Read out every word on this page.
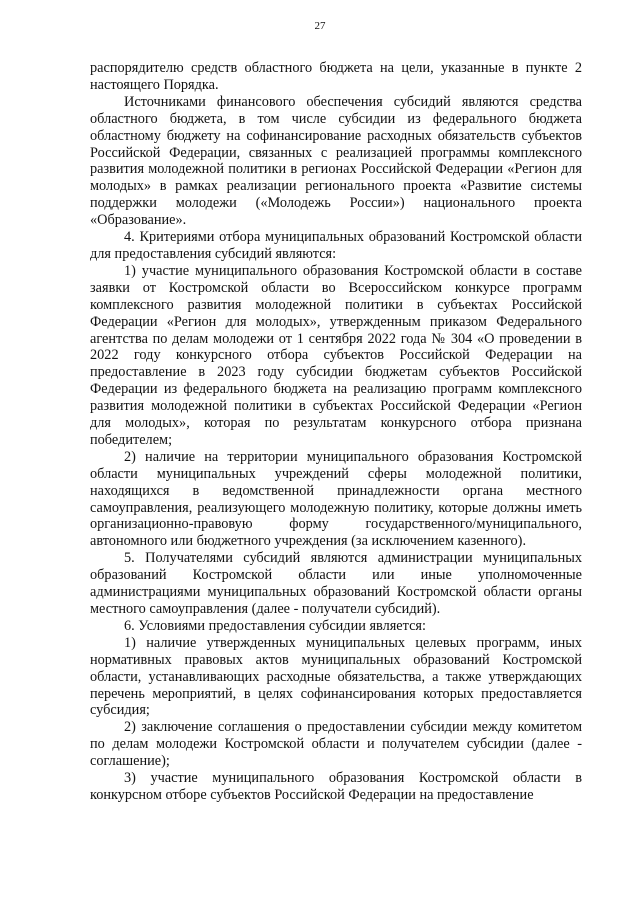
27

распорядителю средств областного бюджета на цели, указанные в пункте 2 настоящего Порядка.

Источниками финансового обеспечения субсидий являются средства областного бюджета, в том числе субсидии из федерального бюджета областному бюджету на софинансирование расходных обязательств субъектов Российской Федерации, связанных с реализацией программы комплексного развития молодежной политики в регионах Российской Федерации «Регион для молодых» в рамках реализации регионального проекта «Развитие системы поддержки молодежи («Молодежь России») национального проекта «Образование».

4. Критериями отбора муниципальных образований Костромской области для предоставления субсидий являются:

1) участие муниципального образования Костромской области в составе заявки от Костромской области во Всероссийском конкурсе программ комплексного развития молодежной политики в субъектах Российской Федерации «Регион для молодых», утвержденным приказом Федерального агентства по делам молодежи от 1 сентября 2022 года № 304 «О проведении в 2022 году конкурсного отбора субъектов Российской Федерации на предоставление в 2023 году субсидии бюджетам субъектов Российской Федерации из федерального бюджета на реализацию программ комплексного развития молодежной политики в субъектах Российской Федерации «Регион для молодых», которая по результатам конкурсного отбора признана победителем;

2) наличие на территории муниципального образования Костромской области муниципальных учреждений сферы молодежной политики, находящихся в ведомственной принадлежности органа местного самоуправления, реализующего молодежную политику, которые должны иметь организационно-правовую форму государственного/муниципального, автономного или бюджетного учреждения (за исключением казенного).

5. Получателями субсидий являются администрации муниципальных образований Костромской области или иные уполномоченные администрациями муниципальных образований Костромской области органы местного самоуправления (далее - получатели субсидий).

6. Условиями предоставления субсидии является:

1) наличие утвержденных муниципальных целевых программ, иных нормативных правовых актов муниципальных образований Костромской области, устанавливающих расходные обязательства, а также утверждающих перечень мероприятий, в целях софинансирования которых предоставляется субсидия;

2) заключение соглашения о предоставлении субсидии между комитетом по делам молодежи Костромской области и получателем субсидии (далее - соглашение);

3) участие муниципального образования Костромской области в конкурсном отборе субъектов Российской Федерации на предоставление
